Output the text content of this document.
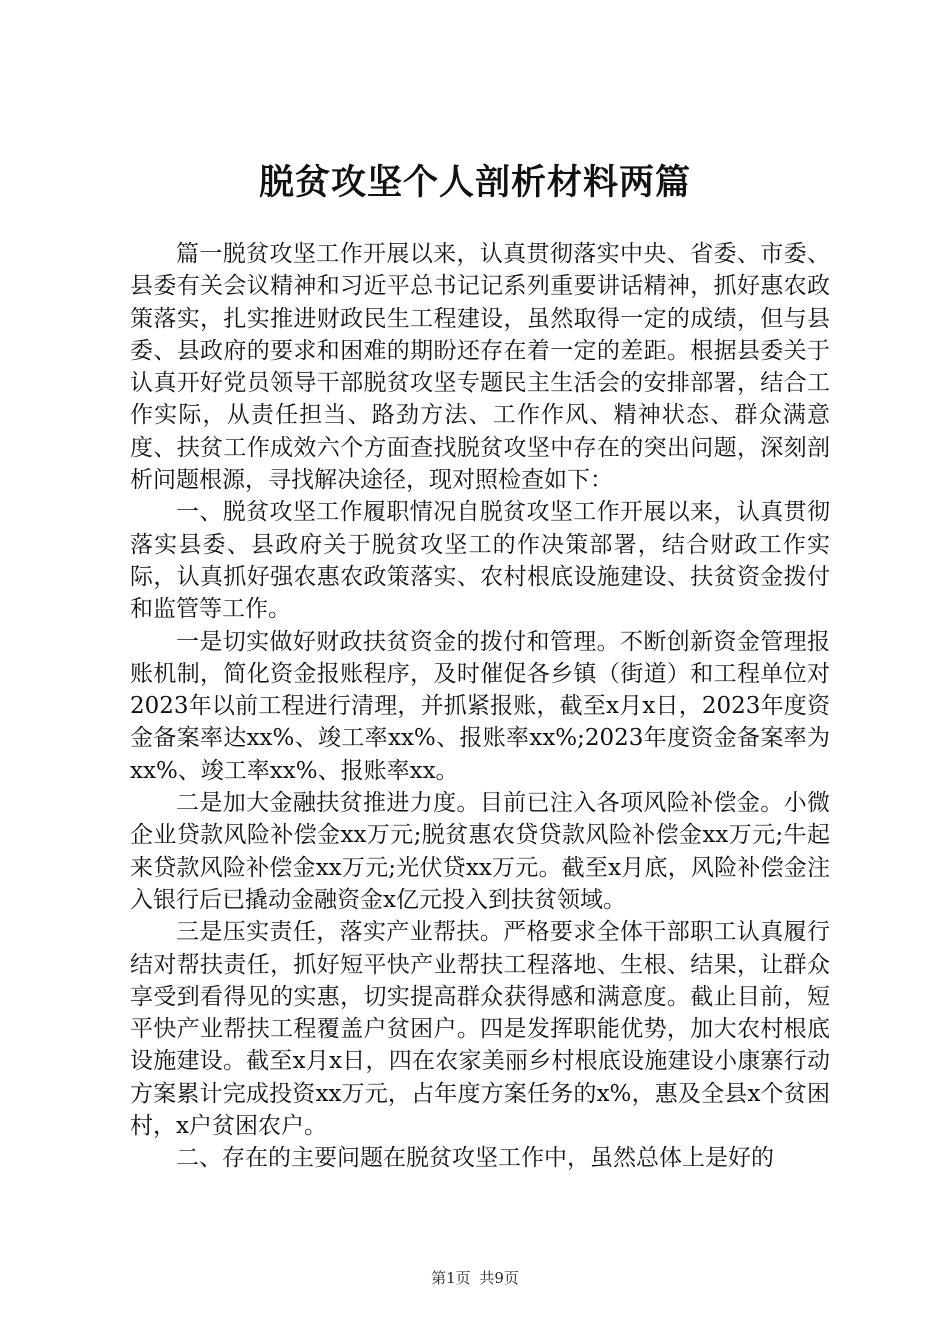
脱贫攻坚个人剖析材料两篇

篇一脱贫攻坚工作开展以来，认真贯彻落实中央、省委、市委、县委有关会议精神和习近平总书记记系列重要讲话精神，抓好惠农政策落实，扎实推进财政民生工程建设，虽然取得一定的成绩，但与县委、县政府的要求和困难的期盼还存在着一定的差距。根据县委关于认真开好党员领导干部脱贫攻坚专题民主生活会的安排部署，结合工作实际，从责任担当、路劲方法、工作作风、精神状态、群众满意度、扶贫工作成效六个方面查找脱贫攻坚中存在的突出问题，深刻剖析问题根源，寻找解决途径，现对照检查如下：

一、脱贫攻坚工作履职情况自脱贫攻坚工作开展以来，认真贯彻落实县委、县政府关于脱贫攻坚工的作决策部署，结合财政工作实际，认真抓好强农惠农政策落实、农村根底设施建设、扶贫资金拨付和监管等工作。

一是切实做好财政扶贫资金的拨付和管理。不断创新资金管理报账机制，简化资金报账程序，及时催促各乡镇（街道）和工程单位对2023年以前工程进行清理，并抓紧报账，截至x月x日，2023年度资金备案率达xx%、竣工率xx%、报账率xx%;2023年度资金备案率为xx%、竣工率xx%、报账率xx。

二是加大金融扶贫推进力度。目前已注入各项风险补偿金。小微企业贷款风险补偿金xx万元;脱贫惠农贷贷款风险补偿金xx万元;牛起来贷款风险补偿金xx万元;光伏贷xx万元。截至x月底，风险补偿金注入银行后已撬动金融资金x亿元投入到扶贫领域。

三是压实责任，落实产业帮扶。严格要求全体干部职工认真履行结对帮扶责任，抓好短平快产业帮扶工程落地、生根、结果，让群众享受到看得见的实惠，切实提高群众获得感和满意度。截止目前，短平快产业帮扶工程覆盖户贫困户。四是发挥职能优势，加大农村根底设施建设。截至x月x日，四在农家美丽乡村根底设施建设小康寨行动方案累计完成投资xx万元，占年度方案任务的x%，惠及全县x个贫困村，x户贫困农户。

二、存在的主要问题在脱贫攻坚工作中，虽然总体上是好的

第1页 共9页
